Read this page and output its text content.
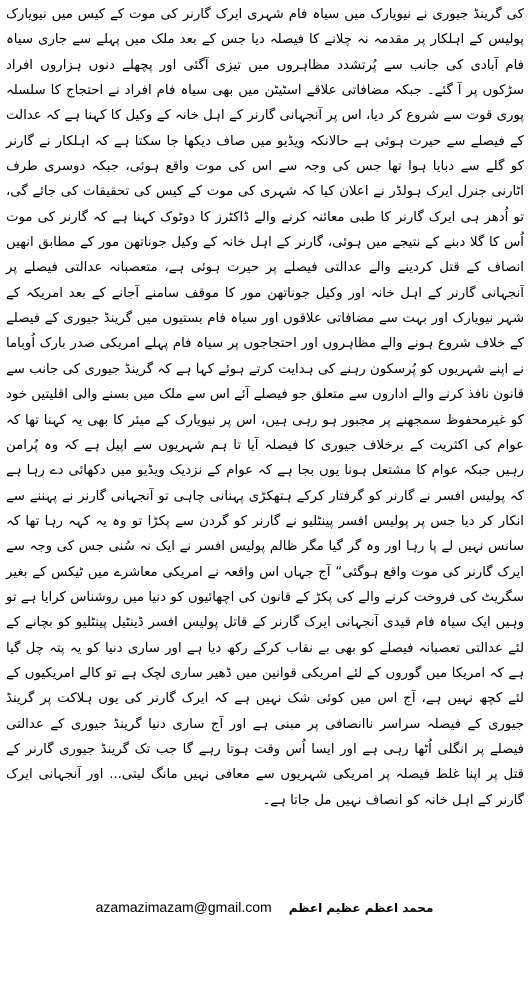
کی گرینڈ جیوری نے نیویارک میں سیاہ فام شہری ایرک گارنر کی موت کے کیس میں نیویارک پولیس کے اہلکار پر مقدمہ نہ چلانے کا فیصلہ دیا جس کے بعد ملک میں پہلے سے جاری سیاہ فام آبادی کی جانب سے پُرتشدد مظاہروں میں تیزی آگئی اور پچھلے دنوں ہزاروں افراد سڑکوں پر آ گئے۔ جبکہ مضافاتی علاقے اسٹیٹن میں بھی سیاہ فام افراد نے احتجاج کا سلسلہ پوری قوت سے شروع کر دیا، اس پر آنجہانی گارنر کے اہل خانہ کے وکیل کا کہنا ہے کہ عدالت کے فیصلے سے حیرت ہوئی ہے حالانکہ ویڈیو میں صاف دیکھا جا سکتا ہے کہ اہلکار نے گارنر کو گلے سے دبایا ہوا تھا جس کی وجہ سے اس کی موت واقع ہوئی، جبکہ دوسری طرف اٹارنی جنرل ایرک ہولڈر نے اعلان کیا کہ شہری کی موت کے کیس کی تحقیقات کی جائے گی، تو اُدھر ہی ایرک گارنر کا طبی معائنہ کرنے والے ڈاکٹرز کا دوٹوک کہنا ہے کہ گارنر کی موت اُس کا گلا دبنے کے نتیجے میں ہوئی، گارنر کے اہل خانہ کے وکیل جوناتھن مور کے مطابق انھیں انصاف کے قتل کردینے والے عدالتی فیصلے پر حیرت ہوئی ہے، متعصبانہ عدالتی فیصلے پر آنجہانی گارنر کے اہل خانہ اور وکیل جوناتھن مور کا موقف سامنے آجانے کے بعد امریکہ کے شہر نیویارک اور بہت سے مضافاتی علاقوں اور سیاہ فام بستیوں میں گرینڈ جیوری کے فیصلے کے خلاف شروع ہونے والے مظاہروں اور احتجاجوں پر سیاہ فام پہلے امریکی صدر بارک اُوباما نے اپنے شہریوں کو پُرسکون رہنے کی ہدایت کرتے ہوئے کہا ہے کہ گرینڈ جیوری کی جانب سے قانون نافذ کرنے والے اداروں سے متعلق جو فیصلے آئے اس سے ملک میں بسنے والی اقلیتیں خود کو غیرمحفوظ سمجھنے پر مجبور ہو رہی ہیں، اس پر نیویارک کے میئر کا بھی یہ کہنا تھا کہ عوام کی اکثریت کے برخلاف جیوری کا فیصلہ آیا تا ہم شہریوں سے اپیل ہے کہ وہ پُرامن رہیں جبکہ عوام کا مشتعل ہونا یوں بجا ہے کہ عوام کے نزدیک ویڈیو میں دکھائی دے رہا ہے کہ پولیس افسر نے گارنر کو گرفتار کرکے ہتھکڑی پہنانی چاہی تو آنجہانی گارنر نے پہننے سے انکار کر دیا جس پر پولیس افسر پینٹلیو نے گارنر کو گردن سے پکڑا تو وہ یہ کہہ رہا تھا کہ سانس نہیں لے پا رہا اور وہ گر گیا مگر ظالم پولیس افسر نے ایک نہ سُنی جس کی وجہ سے ایرک گارنر کی موت واقع ہوگئی“ آج جہاں اس واقعہ نے امریکی معاشرے میں ٹیکس کے بغیر سگریٹ کی فروخت کرنے والے کی پکڑ کے قانون کی اچھائیوں کو دنیا میں روشناس کرایا ہے تو وہیں ایک سیاہ فام قیدی آنجہانی ایرک گارنر کے قاتل پولیس افسر ڈینٹیل پینٹلیو کو بچانے کے لئے عدالتی تعصبانہ فیصلے کو بھی بے نقاب کرکے رکھ دیا ہے اور ساری دنیا کو یہ پتہ چل گیا ہے کہ امریکا میں گوروں کے لئے امریکی قوانین میں ڈھیر ساری لچک ہے تو کالے امریکیوں کے لئے کچھ نہیں ہے، آج اس میں کوئی شک نہیں ہے کہ ایرک گارنر کی یوں ہلاکت پر گرینڈ جیوری کے فیصلہ سراسر ناانصافی پر مبنی ہے اور آج ساری دنیا گرینڈ جیوری کے عدالتی فیصلے پر انگلی اُٹھا رہی ہے اور ایسا اُس وقت ہوتا رہے گا جب تک گرینڈ جیوری گارنر کے قتل پر اپنا غلط فیصلہ پر امریکی شہریوں سے معافی نہیں مانگ لیتی... اور آنجہانی ایرک گارنر کے اہل خانہ کو انصاف نہیں مل جاتا ہے۔

azamazimazam@gmail.com محمد اعظم عظیم اعظم
